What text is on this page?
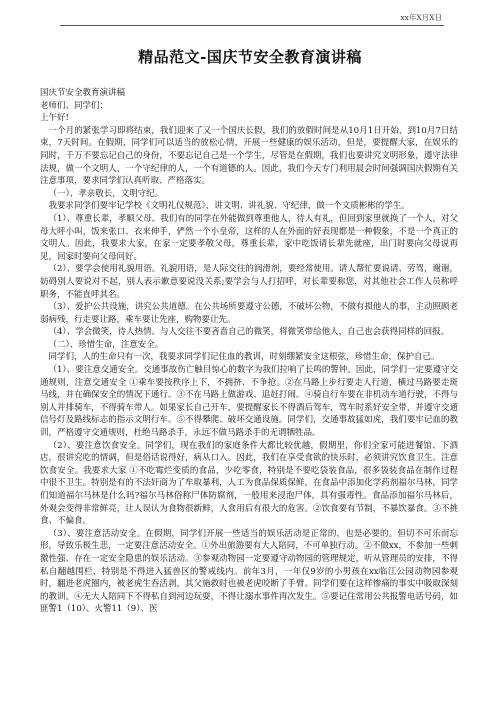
xx年X月X日
精品范文-国庆节安全教育演讲稿

国庆节安全教育演讲稿

老师们、同学们：

上午好!

一个月的紧张学习即将结束，我们迎来了又一个国庆长假，我们的放假时间是从10月1日开始，到10月7日结束，7天时间。在假期，同学们可以适当的放松心情，开展一些健康的娱乐活动，但是，要提醒大家，在娱乐的同时，千万不要忘记自己的身份，不要忘记自己是一个学生，尽管是在假期，我们也要讲究文明形象，遵守法律法规，做一个文明人，一个守纪律的人，一个有道德的人。因此，我们今天专门利用晨会时间强调国庆假期有关注意事项，要求同学们认真听取、严格落实。

（一）、孝亲敬长，文明守纪。

我要求同学们要牢记学校《文明礼仪规范》，讲文明、讲礼貌、守纪律，做一个文质彬彬的学生。

（1）、尊重长辈，孝顺父母。我们有的同学在外能做到尊重他人，待人有礼，但回到家里就换了一个人，对父母大呼小叫，饭来张口、衣来伸手，俨然一个小皇帝，这样的人在外面的好表现都是一种假象，不是一个真正的文明人。因此，我要求大家，在家一定要孝敬父母，尊重长辈，家中吃饭请长辈先就座，出门时要向父母说再见，回家时要向父母问好。

（2）、要学会使用礼貌用语。礼貌用语，是人际交往的润滑剂，要经常使用。请人帮忙要说请、劳驾，谢谢，妨碍别人要说对不起，别人表示歉意要说没关系;要学会与人打招呼，对长辈要称您，对其他社会工作人员称呼职务，不能直呼其名。

（3）、爱护公共设施，讲究公共道德。在公共场所要遵守公德，不破坏公物，不做有损他人的事，主动照顾老弱病残，行走要让路，乘车要让先座，购物要让先。

（4）、学会微笑，待人热情。与人交往不要吝啬自己的微笑，将微笑带给他人，自己也会获得同样的回报。

（二）、珍惜生命，注意安全。

同学们，人的生命只有一次，我要求同学们记住血的教训，时刻绷紧安全这根弦，珍惜生命，保护自己。

（1）、要注意交通安全。交通事故伤亡触目惊心的数字为我们拉响了长鸣的警钟。因此，同学们一定要遵守交通规则，注意交通安全 ①乘车要按秩序上下，不拥挤、不争抢。②在马路上步行要走人行道，横过马路要走斑马线，并在确保安全的情况下通行。③不在马路上做游戏、追赶打闹。④骑自行车要在非机动车道行驶，不得与别人并排骑车，不得骑车带人。如果家长自己开车，要提醒家长不得酒后驾车，驾车时系好安全带，并遵守交通信号灯及路线标志的指示文明行车。⑤不得攀爬、破坏交通设施。同学们，交通事故猛如虎，我们要牢记血的教训，严格遵守交通规则，杜绝马路杀手，永远不做马路杀手的无谓牺牲品。

（2）、要注意饮食安全。同学们，现在我们的家庭条件大都比较优越，假期里，你们全家可能进餐馆、下酒店，很讲究吃的情调，但是俗话说得好，病从口入。因此，我们在享受食欲的快乐时，必须讲究饮食卫生、注意饮食安全。我要求大家 ①不吃霉烂变质的食品，少吃零食，特别是不要吃袋装食品，很多袋装食品在制作过程中很不卫生。特别是有的不法奸商为了牟取暴利，人工为食品保质保鲜，在食品中添加化学药剂福尔马林，同学们知道福尔马林是什么吗?福尔马林俗称尸体防腐剂，一般用来浸泡尸体，具有强毒性。食品添加福尔马林后，外观会变得非常鲜亮，让人误认为食物很新鲜，人食用后有很大的危害。②饮食要有节制，不暴饮暴食。③不挑食、不偏食。

（3）、要注意活动安全。在假期，同学们开展一些适当的娱乐活动是正常的，也是必要的。但切不可乐而忘形，导致乐极生悲，一定要注意活动安全。①外出旅游要有大人陪同，不可单独行动。②不做xx，不参加一些刺激性强、存在一定安全隐患的娱乐活动。③参观动物园一定要遵守动物园的管理规定，听从管理员的安排，不得私自翻越围栏，特别是不得进入猛兽区的警戒线内。前年3月，一年仅9岁的小男孩在xx临江公园动物园参观时，翻进老虎圈内，被老虎生吞活剥，其父施救时也被老虎咬断了手臂。同学们要在这样惨痛的事实中吸取深刻的教训。④无大人陪同下不得私自到河边玩耍，不得让溺水事件再次发生。⑤要记住常用公共报警电话号码，如匪警1（10）、火警11（9）、医
